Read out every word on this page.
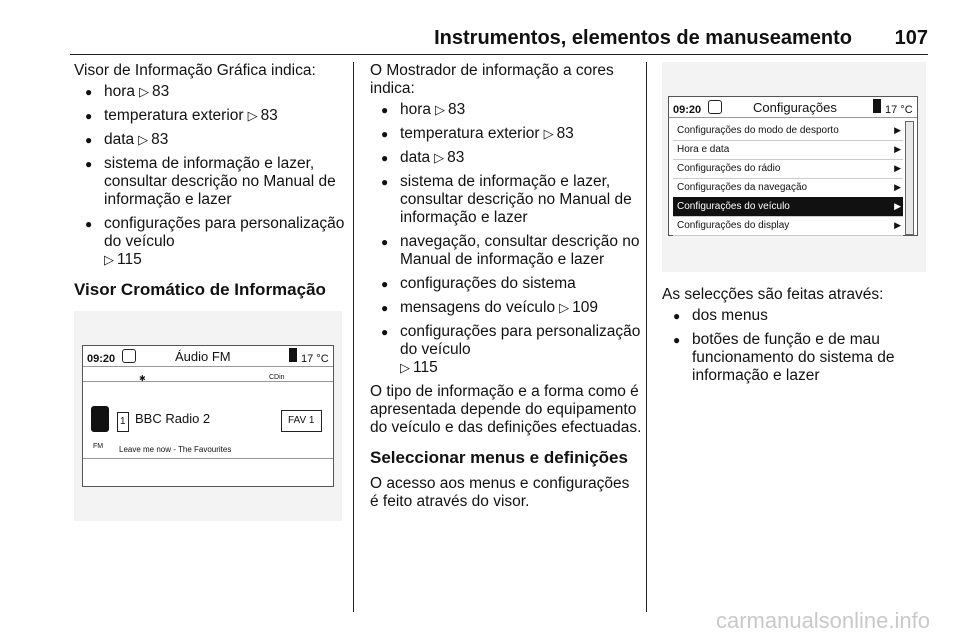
Instrumentos, elementos de manuseamento 107

Visor de Informação Gráfica indica:

● hora ▷ 83
● temperatura exterior ▷ 83
● data ▷ 83
● sistema de informação e lazer, consultar descrição no Manual de informação e lazer
● configurações para personalização do veículo
▷ 115
Visor Cromático de Informação
09:20	Áudio FM	17 °C
✱	CDin
1 BBC Radio 2	FAV 1
FM Leave me now - The Favourites

O Mostrador de informação a cores indica:

● hora ▷ 83
● temperatura exterior ▷ 83
● data ▷ 83
● sistema de informação e lazer, consultar descrição no Manual de informação e lazer
● navegação, consultar descrição no Manual de informação e lazer
● configurações do sistema
● mensagens do veículo ▷ 109
● configurações para personalização do veículo
▷ 115

O tipo de informação e a forma como é apresentada depende do equipamento do veículo e das definições efectuadas.

Seleccionar menus e definições

O acesso aos menus e configurações é feito através do visor.

09:20	Configurações	17 °C
Configurações do modo de desporto	▶
Hora e data	▶
Configurações do rádio	▶
Configurações da navegação	▶
Configurações do veículo	▶
Configurações do display	▶

As selecções são feitas através:

● dos menus
● botões de função e de mau funcionamento do sistema de informação e lazer
carmanualsonline.info
